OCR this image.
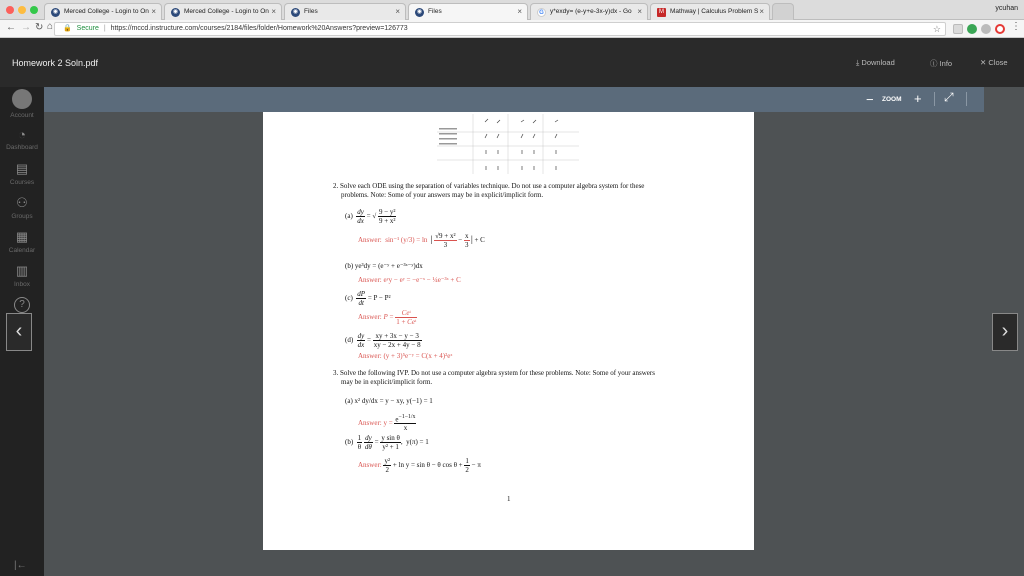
◉ Merced College - Login to On ×	◉ Merced College - Login to On ×	◉ Files	×	◉ Files	×	G y*exdy= (e-y+e-3x-y)dx - Go ×	M Mathway | Calculus Problem S ×	ycuhan
← → ↻ ⌂	🔒 Secure | https://mccd.instructure.com/courses/2184/files/folder/Homework%20Answers?preview=126773	☆	⋮
Account
◔
Dashboard
▤
Courses
⚇
Groups
▦
Calendar
▥
Inbox
?
|←
Homework 2 Soln.pdf	⤓ Download	ⓘ Info	✕ Close
− ZOOM + ⤢
2. Solve each ODE using the separation of variables technique. Do not use a computer algebra system for these
problems. Note: Some of your answers may be in explicit/implicit form.
$(a) \frac{dy}{dx}$ = √ $\frac{\text{9 − y²}}{\text{9 + x²}}$
Answer: sin⁻¹ (y/3) = ln │ $\frac{\text{√9 + x²}}{3} - \frac{x}{3}$ │+ C
(b) ye³dy = (e⁻ʸ + e⁻³ˣ⁻ʸ)dx
Answer: eʸy − eʸ = −e⁻ˣ − ¼e⁻³ˣ + C
$(c) \frac{dP}{dt} = P - P^2$
Answer: $P = \frac{\text{Ceᵗ}}{\text{1 + Ceᵗ}}$
$(d) \frac{dy}{dx} = \frac{xy + 3x - y - 3}{xy - 2x + 4y - 8}$
Answer: (y + 3)⁵e⁻ʸ = C(x + 4)²eˣ
3. Solve the following IVP. Do not use a computer algebra system for these problems. Note: Some of your answers
may be in explicit/implicit form.
(a) x² dy/dx = y − xy, y(−1) = 1
Answer: $y = \frac{e^{-1-1/x}}{x}$
$(b) \frac{1}{\theta}$
$\frac{dy}{d\theta} = \frac{\text{y sin θ}}{\text{y² + 1}}$ ,  y(π) = 1
Answer: $\frac{\text{y²}}{2} + \ln y = \sin \theta - \theta$ $\cos \theta + \frac{1}{2} - \pi$
1
‹	›
